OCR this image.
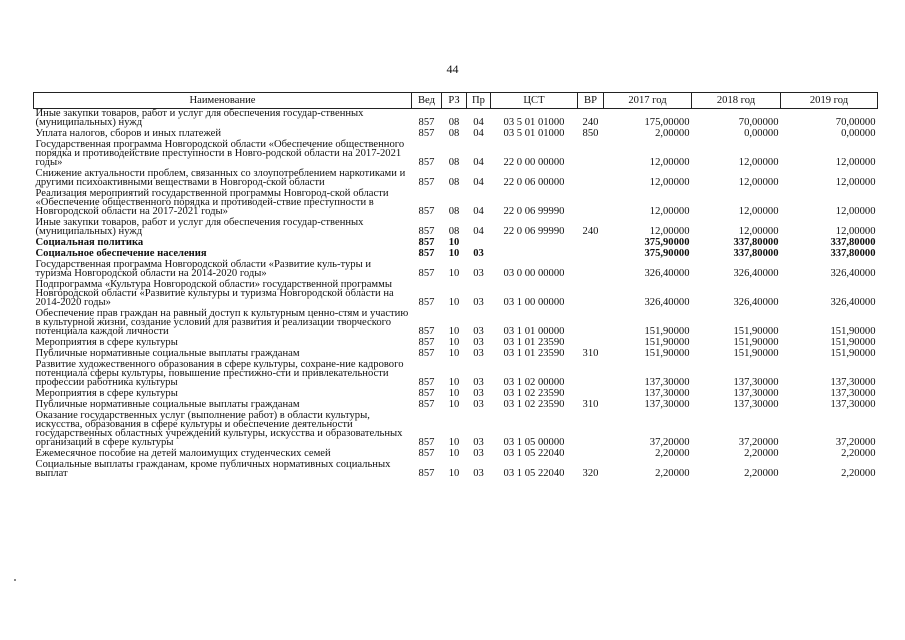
44
Наименование	Вед	РЗ	Пр	ЦСТ	ВР	2017 год	2018 год	2019 год
Иные закупки товаров, работ и услуг для обеспечения государ-ственных (муниципальных) нужд	857	08	04	03 5 01 01000	240	175,00000	70,00000	70,00000
Уплата налогов, сборов и иных платежей	857	08	04	03 5 01 01000	850	2,00000	0,00000	0,00000
Государственная программа Новгородской области «Обеспечение общественного порядка и противодействие преступности в Новго-родской области на 2017-2021 годы»	857	08	04	22 0 00 00000		12,00000	12,00000	12,00000
Снижение актуальности проблем, связанных со злоупотреблением наркотиками и другими психоактивными веществами в Новгород-ской области	857	08	04	22 0 06 00000		12,00000	12,00000	12,00000
Реализация мероприятий государственной программы Новгород-ской области «Обеспечение общественного порядка и противодей-ствие преступности в Новгородской области на 2017-2021 годы»	857	08	04	22 0 06 99990		12,00000	12,00000	12,00000
Иные закупки товаров, работ и услуг для обеспечения государ-ственных (муниципальных) нужд	857	08	04	22 0 06 99990	240	12,00000	12,00000	12,00000
Социальная политика	857	10				375,90000	337,80000	337,80000
Социальное обеспечение населения	857	10	03			375,90000	337,80000	337,80000
Государственная программа Новгородской области «Развитие куль-туры и туризма Новгородской области на 2014-2020 годы»	857	10	03	03 0 00 00000		326,40000	326,40000	326,40000
Подпрограмма «Культура Новгородской области» государственной программы Новгородской области «Развитие культуры и туризма Новгородской области на 2014-2020 годы»	857	10	03	03 1 00 00000		326,40000	326,40000	326,40000
Обеспечение прав граждан на равный доступ к культурным ценно-стям и участию в культурной жизни, создание условий для развития и реализации творческого потенциала каждой личности	857	10	03	03 1 01 00000		151,90000	151,90000	151,90000
Мероприятия в сфере культуры	857	10	03	03 1 01 23590		151,90000	151,90000	151,90000
Публичные нормативные социальные выплаты гражданам	857	10	03	03 1 01 23590	310	151,90000	151,90000	151,90000
Развитие художественного образования в сфере культуры, сохране-ние кадрового потенциала сферы культуры, повышение престижно-сти и привлекательности профессии работника культуры	857	10	03	03 1 02 00000		137,30000	137,30000	137,30000
Мероприятия в сфере культуры	857	10	03	03 1 02 23590		137,30000	137,30000	137,30000
Публичные нормативные социальные выплаты гражданам	857	10	03	03 1 02 23590	310	137,30000	137,30000	137,30000
Оказание государственных услуг (выполнение работ) в области культуры, искусства, образования в сфере культуры и обеспечение деятельности государственных областных учреждений культуры, искусства и образовательных организаций в сфере культуры	857	10	03	03 1 05 00000		37,20000	37,20000	37,20000
Ежемесячное пособие на детей малоимущих студенческих семей	857	10	03	03 1 05 22040		2,20000	2,20000	2,20000
Социальные выплаты гражданам, кроме публичных нормативных социальных выплат	857	10	03	03 1 05 22040	320	2,20000	2,20000	2,20000
